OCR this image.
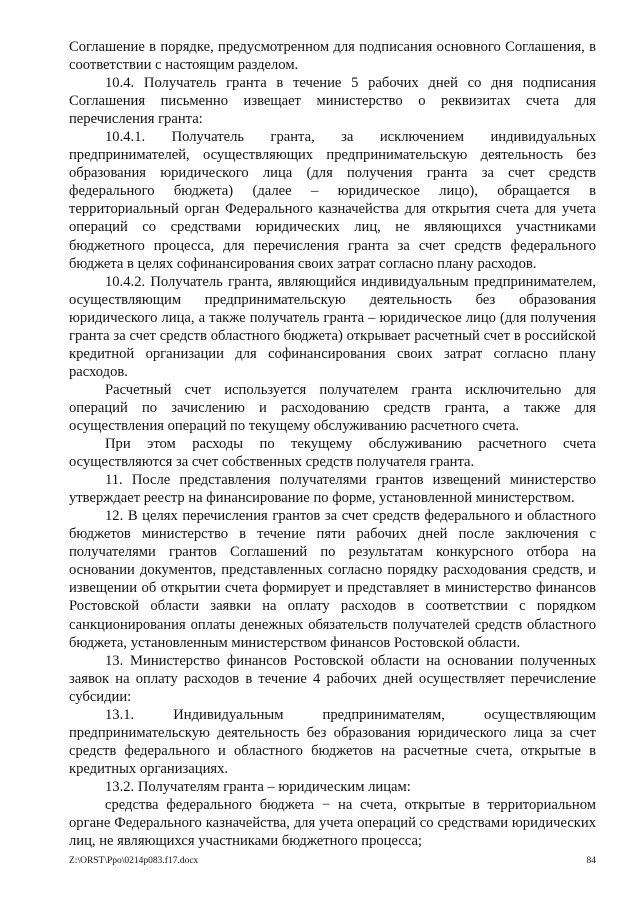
Соглашение в порядке, предусмотренном для подписания основного Соглашения, в соответствии с настоящим разделом.

10.4. Получатель гранта в течение 5 рабочих дней со дня подписания Соглашения письменно извещает министерство о реквизитах счета для перечисления гранта:

10.4.1. Получатель гранта, за исключением индивидуальных предпринимателей, осуществляющих предпринимательскую деятельность без образования юридического лица (для получения гранта за счет средств федерального бюджета) (далее – юридическое лицо), обращается в территориальный орган Федерального казначейства для открытия счета для учета операций со средствами юридических лиц, не являющихся участниками бюджетного процесса, для перечисления гранта за счет средств федерального бюджета в целях софинансирования своих затрат согласно плану расходов.

10.4.2. Получатель гранта, являющийся индивидуальным предпринимателем, осуществляющим предпринимательскую деятельность без образования юридического лица, а также получатель гранта – юридическое лицо (для получения гранта за счет средств областного бюджета) открывает расчетный счет в российской кредитной организации для софинансирования своих затрат согласно плану расходов.

Расчетный счет используется получателем гранта исключительно для операций по зачислению и расходованию средств гранта, а также для осуществления операций по текущему обслуживанию расчетного счета.

При этом расходы по текущему обслуживанию расчетного счета осуществляются за счет собственных средств получателя гранта.

11. После представления получателями грантов извещений министерство утверждает реестр на финансирование по форме, установленной министерством.

12. В целях перечисления грантов за счет средств федерального и областного бюджетов министерство в течение пяти рабочих дней после заключения с получателями грантов Соглашений по результатам конкурсного отбора на основании документов, представленных согласно порядку расходования средств, и извещении об открытии счета формирует и представляет в министерство финансов Ростовской области заявки на оплату расходов в соответствии с порядком санкционирования оплаты денежных обязательств получателей средств областного бюджета, установленным министерством финансов Ростовской области.

13. Министерство финансов Ростовской области на основании полученных заявок на оплату расходов в течение 4 рабочих дней осуществляет перечисление субсидии:

13.1. Индивидуальным предпринимателям, осуществляющим предпринимательскую деятельность без образования юридического лица за счет средств федерального и областного бюджетов на расчетные счета, открытые в кредитных организациях.

13.2. Получателям гранта – юридическим лицам:

средства федерального бюджета − на счета, открытые в территориальном органе Федерального казначейства, для учета операций со средствами юридических лиц, не являющихся участниками бюджетного процесса;

Z:\ORST\Ppo\0214p083.f17.docx	84
